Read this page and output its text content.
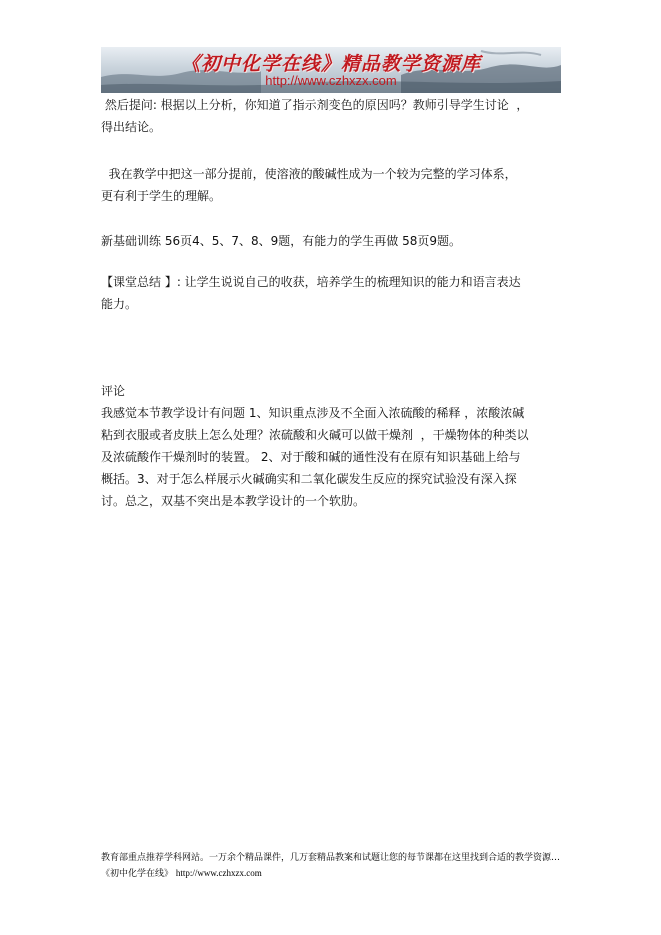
《初中化学在线》精品教学资源库
http://www.czhxzx.com

然后提问: 根据以上分析，你知道了指示剂变色的原因吗？教师引导学生讨论  ，
得出结论。

我在教学中把这一部分提前，使溶液的酸碱性成为一个较为完整的学习体系，
更有利于学生的理解。

新基础训练 56页4、5、7、8、9题，有能力的学生再做 58页9题。

【课堂总结 】: 让学生说说自己的收获，培养学生的梳理知识的能力和语言表达
能力。

评论

我感觉本节教学设计有问题 1、知识重点涉及不全面入浓硫酸的稀释 ，浓酸浓碱
粘到衣服或者皮肤上怎么处理？浓硫酸和火碱可以做干燥剂  ，干燥物体的种类以
及浓硫酸作干燥剂时的装置。 2、对于酸和碱的通性没有在原有知识基础上给与
概括。3、对于怎么样展示火碱确实和二氧化碳发生反应的探究试验没有深入探
讨。总之，双基不突出是本教学设计的一个软肋。

教育部重点推荐学科网站。一万余个精品课件，几万套精品教案和试题让您的每节课都在这里找到合适的教学资源…《初中化学在线》 http://www.czhxzx.com
